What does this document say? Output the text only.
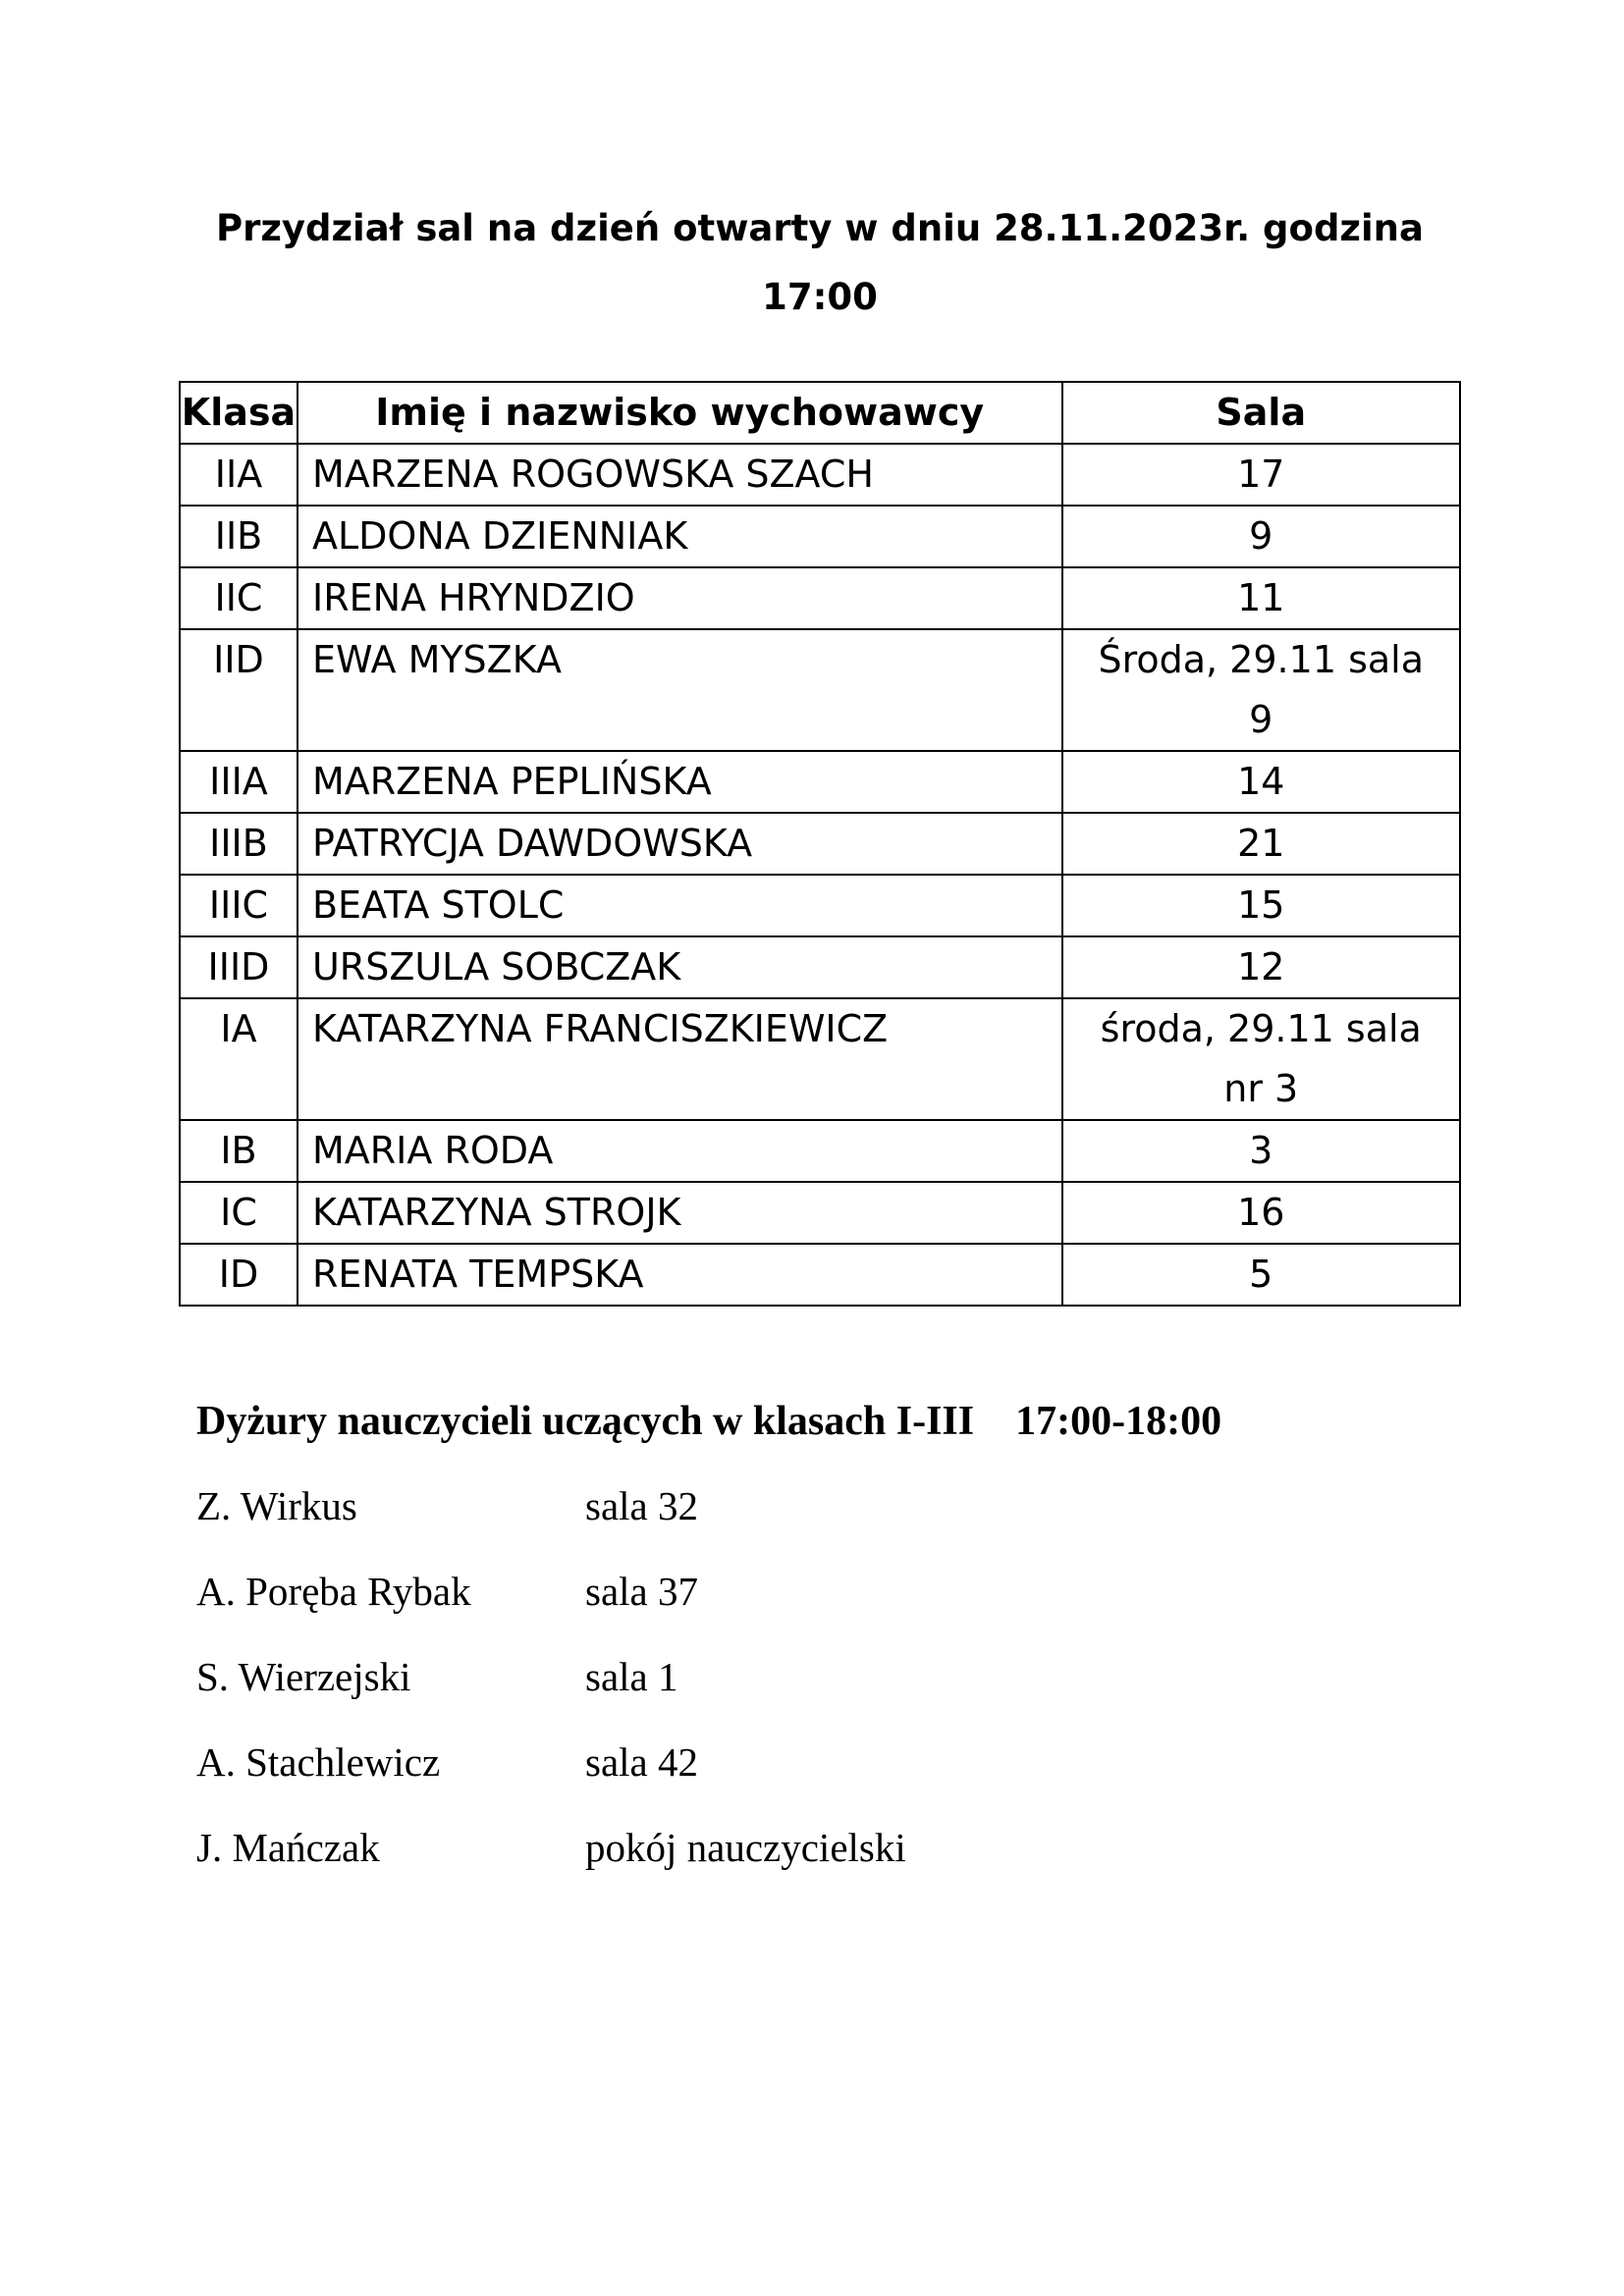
Przydział sal na dzień otwarty w dniu 28.11.2023r. godzina
17:00
Klasa	Imię i nazwisko wychowawcy	Sala
IIA	MARZENA ROGOWSKA SZACH	17
IIB	ALDONA DZIENNIAK	9
IIC	IRENA HRYNDZIO	11
IID	EWA MYSZKA	Środa, 29.11 sala
9
IIIA	MARZENA PEPLIŃSKA	14
IIIB	PATRYCJA DAWDOWSKA	21
IIIC	BEATA STOLC	15
IIID	URSZULA SOBCZAK	12
IA	KATARZYNA FRANCISZKIEWICZ	środa, 29.11 sala
nr 3
IB	MARIA RODA	3
IC	KATARZYNA STROJK	16
ID	RENATA TEMPSKA	5

Dyżury nauczycieli uczących w klasach I-III 17:00-18:00

Z. Wirkus	sala 32
A. Poręba Rybak	sala 37
S. Wierzejski	sala 1
A. Stachlewicz	sala 42
J. Mańczak	pokój nauczycielski
